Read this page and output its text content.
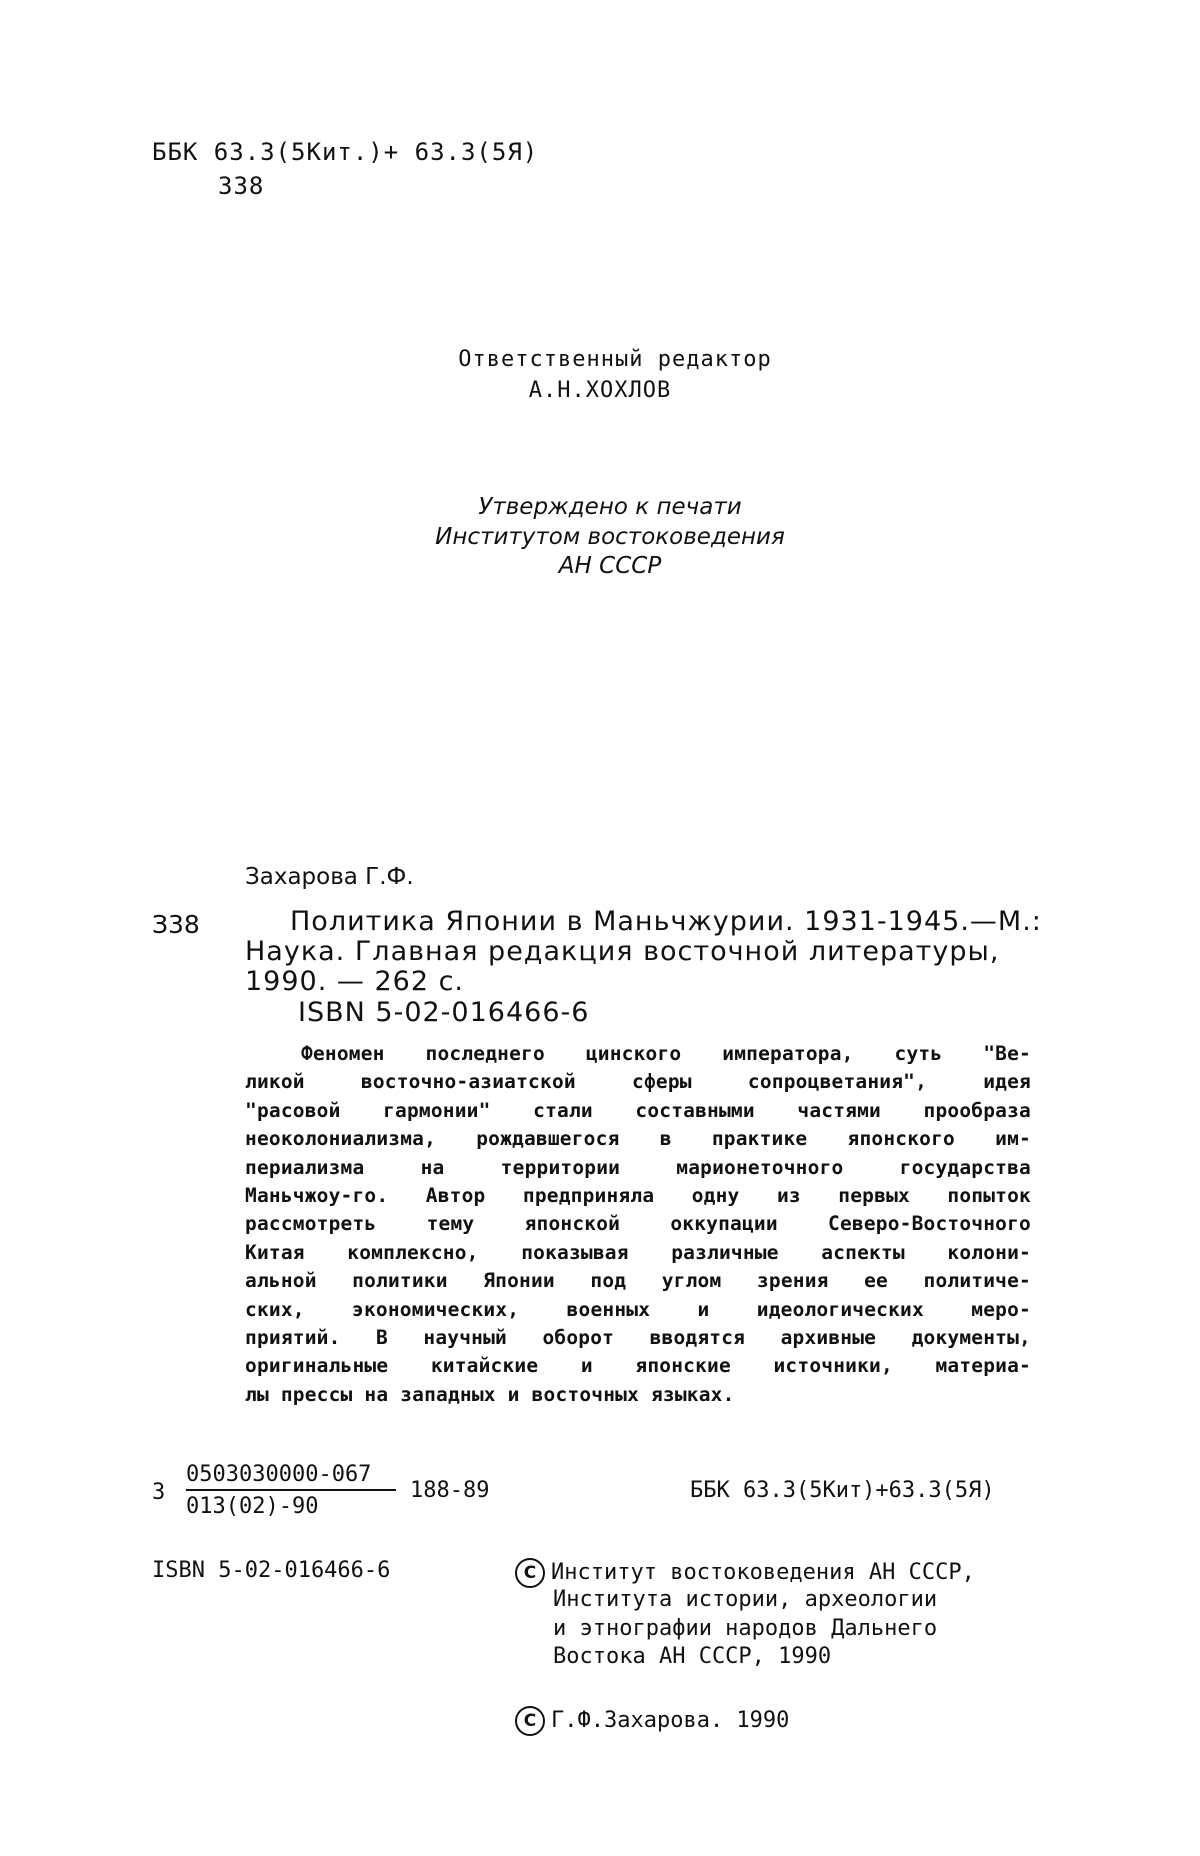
ББК 63.3(5Кит.)+ 63.3(5Я)
З38
Ответственный редактор
А.Н.ХОХЛОВ
Утверждено к печати
Институтом востоковедения
АН СССР
Захарова Г.Ф.
З38	Политика Японии в Маньчжурии. 1931-1945.—М.:
Наука. Главная редакция восточной литературы,
1990. — 262 с.
ISBN 5-02-016466-6
Феномен последнего цинского императора, суть "Ве-
ликой восточно-азиатской сферы сопроцветания", идея
"расовой гармонии" стали составными частями прообраза
неоколониализма, рождавшегося в практике японского им-
периализма на территории марионеточного государства
Маньчжоу-го. Автор предприняла одну из первых попыток
рассмотреть тему японской оккупации Северо-Восточного
Китая комплексно, показывая различные аспекты колони-
альной политики Японии под углом зрения ее политиче-
ских, экономических, военных и идеологических меро-
приятий. В научный оборот вводятся архивные документы,
оригинальные китайские и японские источники, материа-
лы прессы на западных и восточных языках.
З
0503030000-067
013(02)-90
188-89	ББК 63.3(5Кит)+63.3(5Я)
ISBN 5-02-016466-6	C Институт востоковедения АН СССР,
Института истории, археологии
и этнографии народов Дальнего
Востока АН СССР, 1990
C Г.Ф.Захарова. 1990
